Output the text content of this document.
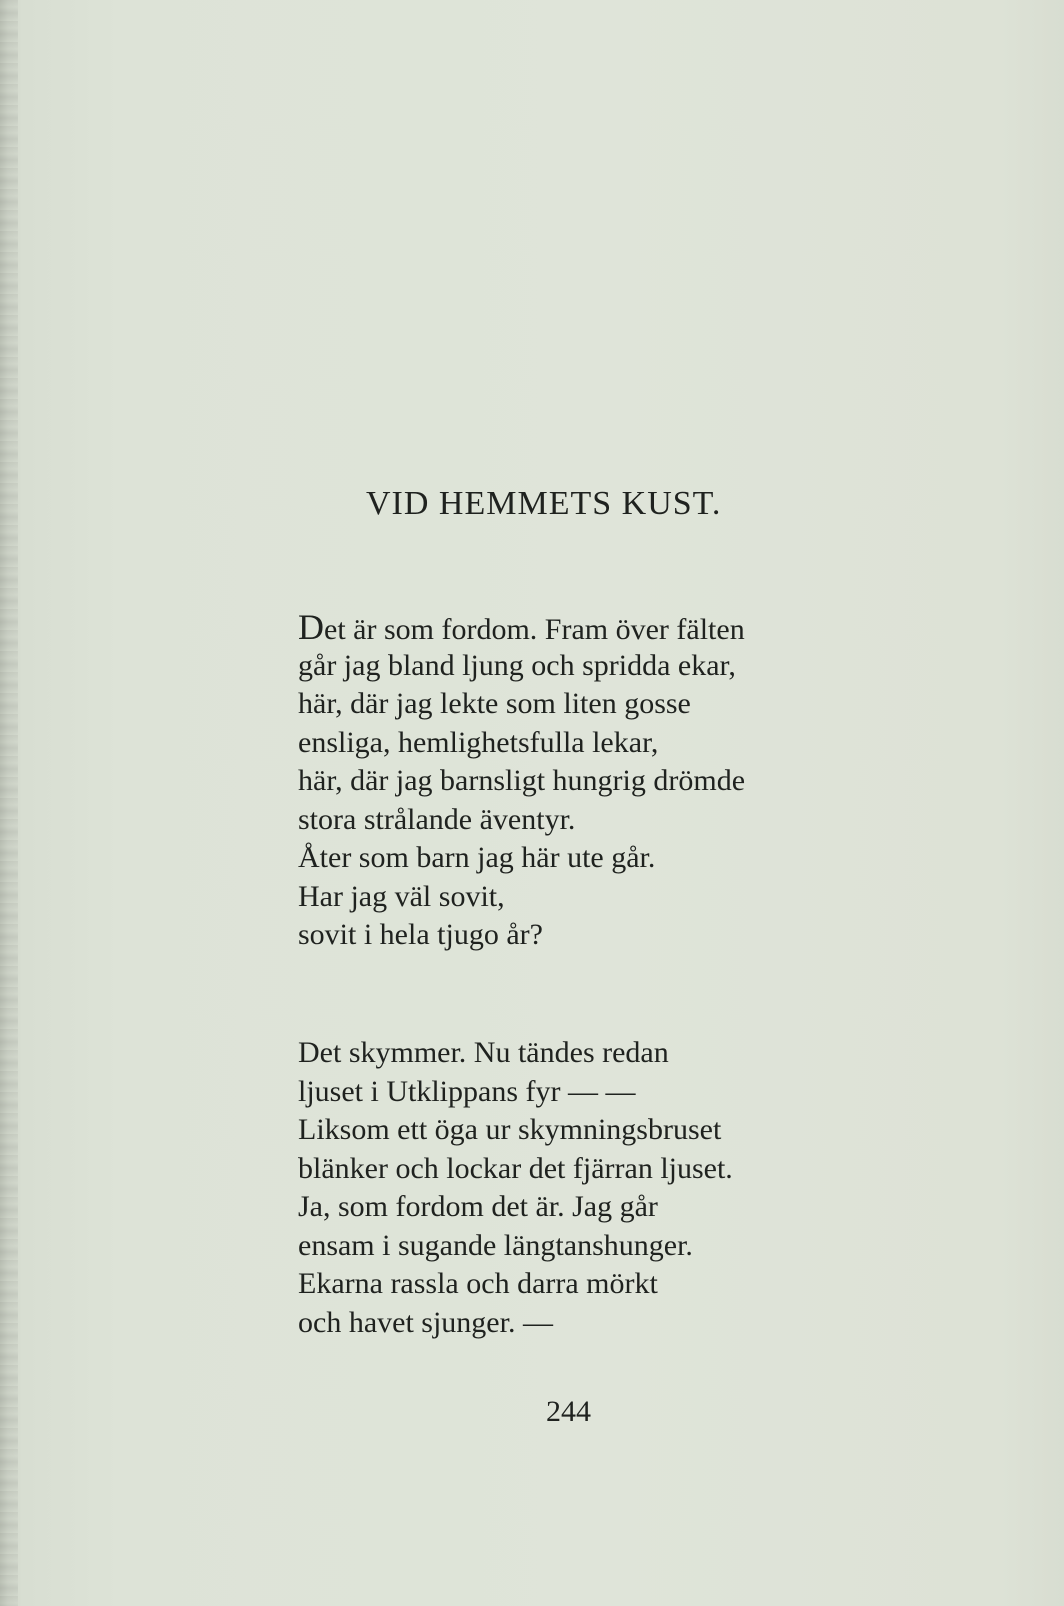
VID HEMMETS KUST.
Det är som fordom. Fram över fälten
går jag bland ljung och spridda ekar,
här, där jag lekte som liten gosse
ensliga, hemlighetsfulla lekar,
här, där jag barnsligt hungrig drömde
stora strålande äventyr.
Åter som barn jag här ute går.
Har jag väl sovit,
sovit i hela tjugo år?
Det skymmer. Nu tändes redan
ljuset i Utklippans fyr — —
Liksom ett öga ur skymningsbruset
blänker och lockar det fjärran ljuset.
Ja, som fordom det är. Jag går
ensam i sugande längtanshunger.
Ekarna rassla och darra mörkt
och havet sjunger. —
244
